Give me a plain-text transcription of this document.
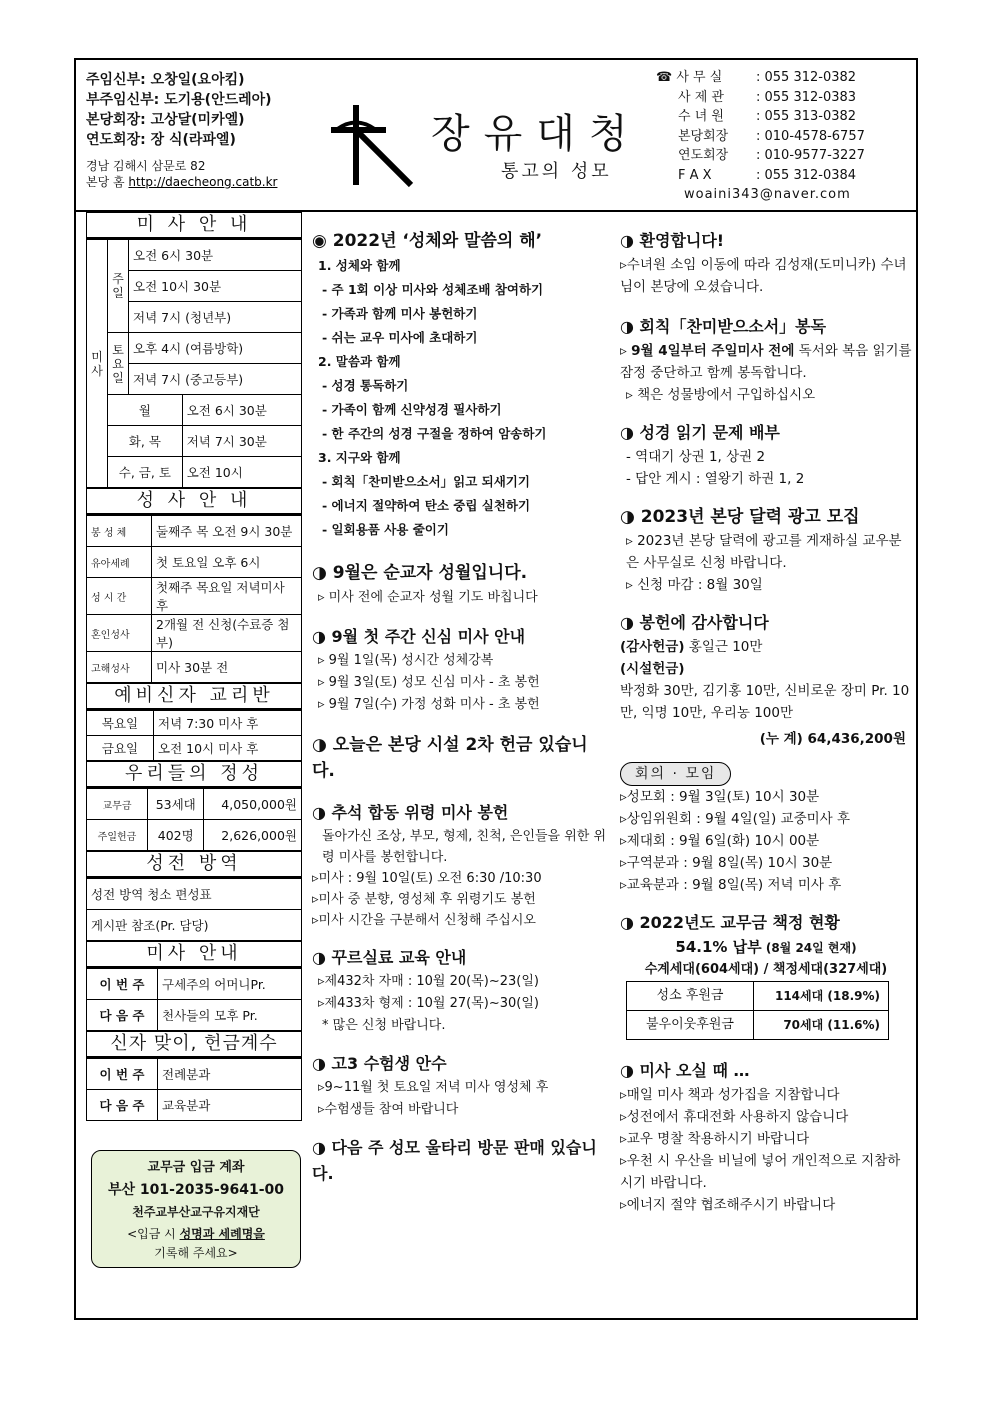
주임신부: 오창일(요아킴)
부주임신부: 도기용(안드레아)
본당회장: 고상달(미카엘)
연도회장: 장 식(라파엘)
경남 김해시 삼문로 82
본당 홈 http://daecheong.catb.kr
장유대청
통고의 성모
☎ 사 무 실	: 055 312-0382
사 제 관	: 055 312-0383
수 녀 원	: 055 313-0382
본당회장	: 010-4578-6757
연도회장	: 010-9577-3227
F A X	: 055 312-0384
woaini343@naver.com
미 사 안 내
미 사	주 일	오전 6시 30분	
		오전 10시 30분	
		저녁 7시 (청년부)	
	토요일	오후 4시 (여름방학)	
		저녁 7시 (중고등부)	
	월		오전 6시 30분
	화, 목		저녁 7시 30분
	수, 금, 토		오전 10시
성 사 안 내
봉 성 체	둘째주 목 오전 9시 30분
유아세례	첫 토요일 오후 6시
성 시 간	첫째주 목요일 저녁미사 후
혼인성사	2개월 전 신청(수료증 첨부)
고해성사	미사 30분 전
예비신자 교리반
목요일	저녁 7:30 미사 후
금요일	오전 10시 미사 후
우리들의 정성
교무금	53세대	4,050,000원
주일헌금	402명	2,626,000원
성전 방역
성전 방역 청소 편성표
게시판 참조(Pr. 담당)
미사 안내
이 번 주	구세주의 어머니Pr.
다 음 주	천사들의 모후 Pr.
신자 맞이, 헌금계수
이 번 주	전례분과
다 음 주	교육분과
교무금 입금 계좌
부산 101-2035-9641-00
천주교부산교구유지재단
<입금 시 성명과 세례명을
기록해 주세요>
◉ 2022년 ‘성체와 말씀의 해’
1. 성체와 함께
- 주 1회 이상 미사와 성체조배 참여하기
- 가족과 함께 미사 봉헌하기
- 쉬는 교우 미사에 초대하기
2. 말씀과 함께
- 성경 통독하기
- 가족이 함께 신약성경 필사하기
- 한 주간의 성경 구절을 정하여 암송하기
3. 지구와 함께
- 회칙「찬미받으소서」읽고 되새기기
- 에너지 절약하여 탄소 중립 실천하기
- 일회용품 사용 줄이기
◑ 9월은 순교자 성월입니다.
▹ 미사 전에 순교자 성월 기도 바칩니다
◑ 9월 첫 주간 신심 미사 안내
▹ 9월 1일(목) 성시간 성체강복
▹ 9월 3일(토) 성모 신심 미사 - 초 봉헌
▹ 9월 7일(수) 가정 성화 미사 - 초 봉헌
◑ 오늘은 본당 시설 2차 헌금 있습니다.
◑ 추석 합동 위령 미사 봉헌
돌아가신 조상, 부모, 형제, 친척, 은인들을 위한 위령 미사를 봉헌합니다.
▹미사 : 9월 10일(토) 오전 6:30 /10:30
▹미사 중 분향, 영성체 후 위령기도 봉헌
▹미사 시간을 구분해서 신청해 주십시오
◑ 꾸르실료 교육 안내
▹제432차 자매 : 10월 20(목)~23(일)
▹제433차 형제 : 10월 27(목)~30(일)
* 많은 신청 바랍니다.
◑ 고3 수험생 안수
▹9~11월 첫 토요일 저녁 미사 영성체 후
▹수험생들 참여 바랍니다
◑ 다음 주 성모 울타리 방문 판매 있습니다.
◑ 환영합니다!
▹수녀원 소임 이동에 따라 김성재(도미니카) 수녀님이 본당에 오셨습니다.
◑ 회칙「찬미받으소서」봉독
▹ 9월 4일부터 주일미사 전에 독서와 복음 읽기를 잠정 중단하고 함께 봉독합니다.
▹ 책은 성물방에서 구입하십시오
◑ 성경 읽기 문제 배부
- 역대기 상권 1, 상권 2
- 답안 게시 : 열왕기 하권 1, 2
◑ 2023년 본당 달력 광고 모집
▹ 2023년 본당 달력에 광고를 게재하실 교우분은 사무실로 신청 바랍니다.
▹ 신청 마감 : 8월 30일
◑ 봉헌에 감사합니다
(감사헌금) 홍일근 10만
(시설헌금)
박정화 30만, 김기홍 10만, 신비로운 장미 Pr. 10만, 익명 10만, 우리농 100만
(누 계) 64,436,200원
회의 · 모임
▹성모회 : 9월 3일(토) 10시 30분
▹상임위원회 : 9월 4일(일) 교중미사 후
▹제대회 : 9월 6일(화) 10시 00분
▹구역분과 : 9월 8일(목) 10시 30분
▹교육분과 : 9월 8일(목) 저녁 미사 후
◑ 2022년도 교무금 책정 현황
54.1% 납부 (8월 24일 현재)
수계세대(604세대) / 책정세대(327세대)
성소 후원금	114세대 (18.9%)
불우이웃후원금	70세대 (11.6%)
◑ 미사 오실 때 …
▹매일 미사 책과 성가집을 지참합니다
▹성전에서 휴대전화 사용하지 않습니다
▹교우 명찰 착용하시기 바랍니다
▹우천 시 우산을 비닐에 넣어 개인적으로 지참하시기 바랍니다.
▹에너지 절약 협조해주시기 바랍니다
